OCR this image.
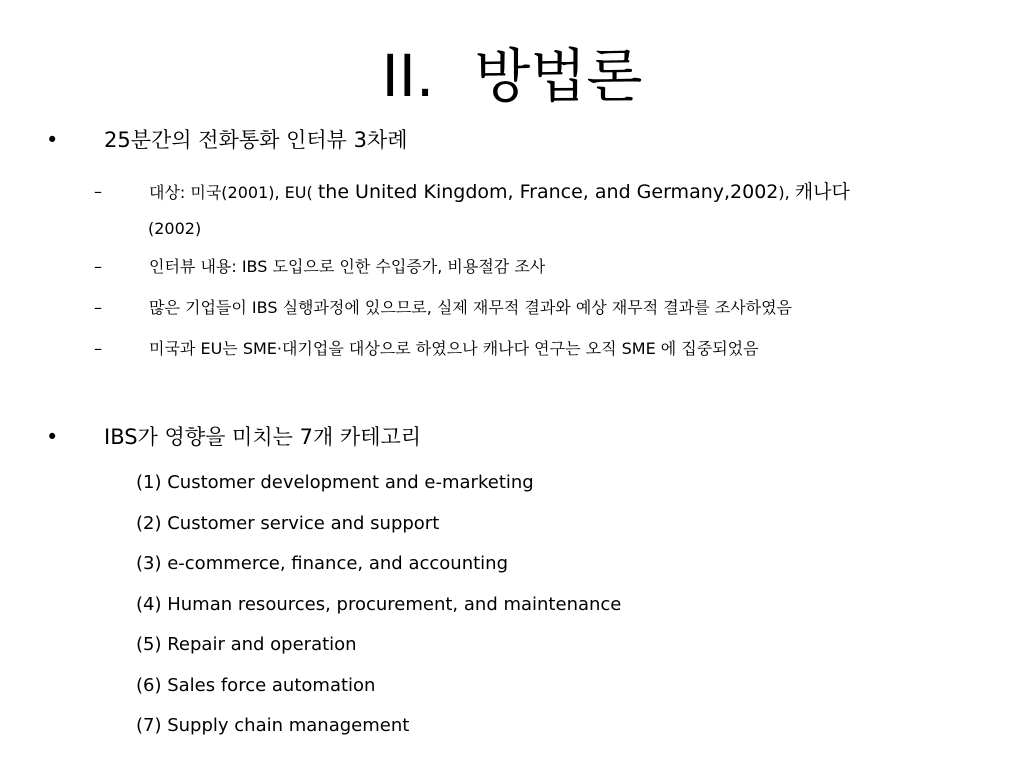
II. 방법론
• 25분간의 전화통화 인터뷰 3차례
–	대상: 미국(2001), EU( the United Kingdom, France, and Germany,2002), 캐나다
(2002)
–	인터뷰 내용: IBS 도입으로 인한 수입증가, 비용절감 조사
–	많은 기업들이 IBS 실행과정에 있으므로, 실제 재무적 결과와 예상 재무적 결과를 조사하였음
–	미국과 EU는 SME·대기업을 대상으로 하였으나 캐나다 연구는 오직 SME 에 집중되었음
• IBS가 영향을 미치는 7개 카테고리
(1) Customer development and e-marketing
(2) Customer service and support
(3) e-commerce, finance, and accounting
(4) Human resources, procurement, and maintenance
(5) Repair and operation
(6) Sales force automation
(7) Supply chain management
